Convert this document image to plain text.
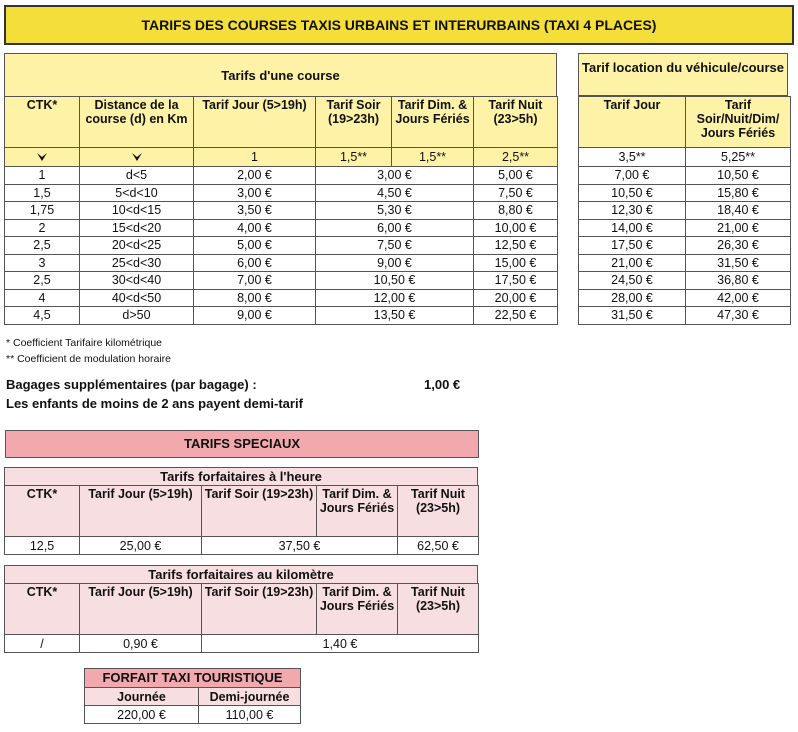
TARIFS DES COURSES TAXIS URBAINS ET INTERURBAINS (TAXI 4 PLACES)
Tarifs d'une course
CTK*	Distance de la course (d) en Km	Tarif Jour (5>19h)	Tarif Soir (19>23h)	Tarif Dim. & Jours Fériés	Tarif Nuit (23>5h)
		1	1,5**	1,5**	2,5**
1	d<5	2,00 €	3,00 €		5,00 €
1,5	5<d<10	3,00 €	4,50 €		7,50 €
1,75	10<d<15	3,50 €	5,30 €		8,80 €
2	15<d<20	4,00 €	6,00 €		10,00 €
2,5	20<d<25	5,00 €	7,50 €		12,50 €
3	25<d<30	6,00 €	9,00 €		15,00 €
2,5	30<d<40	7,00 €	10,50 €		17,50 €
4	40<d<50	8,00 €	12,00 €		20,00 €
4,5	d>50	9,00 €	13,50 €		22,50 €
Tarif location du véhicule/course
Tarif Jour	Tarif Soir/Nuit/Dim/ Jours Fériés
3,5**	5,25**
7,00 €	10,50 €
10,50 €	15,80 €
12,30 €	18,40 €
14,00 €	21,00 €
17,50 €	26,30 €
21,00 €	31,50 €
24,50 €	36,80 €
28,00 €	42,00 €
31,50 €	47,30 €
* Coefficient Tarifaire kilométrique
** Coefficient de modulation horaire
Bagages supplémentaires (par bagage) :	1,00 €
Les enfants de moins de 2 ans payent demi-tarif
TARIFS SPECIAUX
Tarifs forfaitaires à l'heure
CTK*	Tarif Jour (5>19h)	Tarif Soir (19>23h)	Tarif Dim. & Jours Fériés	Tarif Nuit (23>5h)
12,5	25,00 €	37,50 €		62,50 €
Tarifs forfaitaires au kilomètre
CTK*	Tarif Jour (5>19h)	Tarif Soir (19>23h)	Tarif Dim. & Jours Fériés	Tarif Nuit (23>5h)
/	0,90 €	1,40 €		
FORFAIT TAXI TOURISTIQUE	
Journée	Demi-journée
220,00 €	110,00 €
